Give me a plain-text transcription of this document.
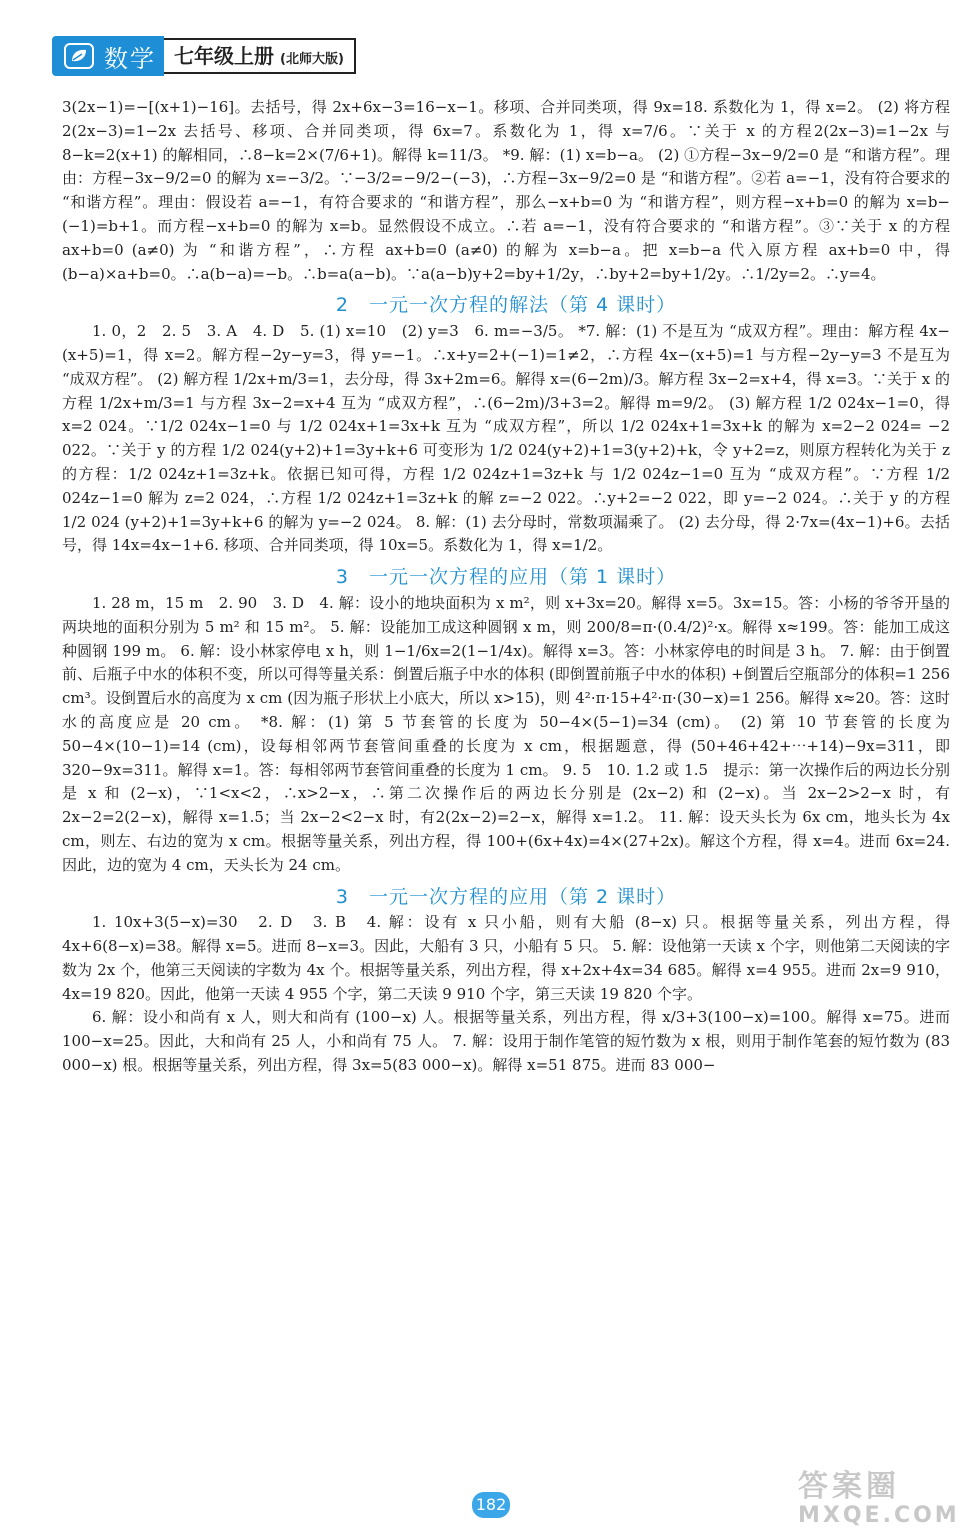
数学 七年级上册 (北师大版)

3(2x−1)=−[(x+1)−16]。去括号，得 2x+6x−3=16−x−1。移项、合并同类项，得 9x=18. 系数化为 1，得 x=2。 (2) 将方程2(2x−3)=1−2x 去括号、移项、合并同类项，得 6x=7。系数化为 1，得 x=7/6。∵关于 x 的方程2(2x−3)=1−2x 与 8−k=2(x+1) 的解相同，∴8−k=2×(7/6+1)。解得 k=11/3。 *9. 解：(1) x=b−a。 (2) ①方程−3x−9/2=0 是 “和谐方程”。理由：方程−3x−9/2=0 的解为 x=−3/2。∵−3/2=−9/2−(−3)，∴方程−3x−9/2=0 是 “和谐方程”。②若 a=−1，没有符合要求的 “和谐方程”。理由：假设若 a=−1，有符合要求的 “和谐方程”，那么−x+b=0 为 “和谐方程”，则方程−x+b=0 的解为 x=b−(−1)=b+1。而方程−x+b=0 的解为 x=b。显然假设不成立。∴若 a=−1，没有符合要求的 “和谐方程”。③∵关于 x 的方程 ax+b=0 (a≠0) 为 “和谐方程”，∴方程 ax+b=0 (a≠0) 的解为 x=b−a。把 x=b−a 代入原方程 ax+b=0 中，得 (b−a)×a+b=0。∴a(b−a)=−b。∴b=a(a−b)。∵a(a−b)y+2=by+1/2y，∴by+2=by+1/2y。∴1/2y=2。∴y=4。

2　一元一次方程的解法（第 4 课时）

1. 0，2　2. 5　3. A　4. D　5. (1) x=10　(2) y=3　6. m=−3/5。 *7. 解：(1) 不是互为 “成双方程”。理由：解方程 4x−(x+5)=1，得 x=2。解方程−2y−y=3，得 y=−1。∴x+y=2+(−1)=1≠2，∴方程 4x−(x+5)=1 与方程−2y−y=3 不是互为 “成双方程”。 (2) 解方程 1/2x+m/3=1，去分母，得 3x+2m=6。解得 x=(6−2m)/3。解方程 3x−2=x+4，得 x=3。∵关于 x 的方程 1/2x+m/3=1 与方程 3x−2=x+4 互为 “成双方程”，∴(6−2m)/3+3=2。解得 m=9/2。 (3) 解方程 1/2 024x−1=0，得 x=2 024。∵1/2 024x−1=0 与 1/2 024x+1=3x+k 互为 “成双方程”，所以 1/2 024x+1=3x+k 的解为 x=2−2 024= −2 022。∵关于 y 的方程 1/2 024(y+2)+1=3y+k+6 可变形为 1/2 024(y+2)+1=3(y+2)+k，令 y+2=z，则原方程转化为关于 z 的方程：1/2 024z+1=3z+k。依据已知可得，方程 1/2 024z+1=3z+k 与 1/2 024z−1=0 互为 “成双方程”。∵方程 1/2 024z−1=0 解为 z=2 024，∴方程 1/2 024z+1=3z+k 的解 z=−2 022。∴y+2=−2 022，即 y=−2 024。∴关于 y 的方程 1/2 024 (y+2)+1=3y+k+6 的解为 y=−2 024。 8. 解：(1) 去分母时，常数项漏乘了。 (2) 去分母，得 2·7x=(4x−1)+6。去括号，得 14x=4x−1+6. 移项、合并同类项，得 10x=5。系数化为 1，得 x=1/2。

3　一元一次方程的应用（第 1 课时）

1. 28 m，15 m　2. 90　3. D　4. 解：设小的地块面积为 x m²，则 x+3x=20。解得 x=5。3x=15。答：小杨的爷爷开垦的两块地的面积分别为 5 m² 和 15 m²。 5. 解：设能加工成这种圆钢 x m，则 200/8=π·(0.4/2)²·x。解得 x≈199。答：能加工成这种圆钢 199 m。 6. 解：设小林家停电 x h，则 1−1/6x=2(1−1/4x)。解得 x=3。答：小林家停电的时间是 3 h。 7. 解：由于倒置前、后瓶子中水的体积不变，所以可得等量关系：倒置后瓶子中水的体积 (即倒置前瓶子中水的体积) +倒置后空瓶部分的体积=1 256 cm³。设倒置后水的高度为 x cm (因为瓶子形状上小底大，所以 x>15)，则 4²·π·15+4²·π·(30−x)=1 256。解得 x≈20。答：这时水的高度应是 20 cm。 *8. 解：(1) 第 5 节套管的长度为 50−4×(5−1)=34 (cm)。 (2) 第 10 节套管的长度为 50−4×(10−1)=14 (cm)，设每相邻两节套管间重叠的长度为 x cm，根据题意，得 (50+46+42+⋯+14)−9x=311，即 320−9x=311。解得 x=1。答：每相邻两节套管间重叠的长度为 1 cm。 9. 5　10. 1.2 或 1.5　提示：第一次操作后的两边长分别是 x 和 (2−x)，∵1<x<2，∴x>2−x，∴第二次操作后的两边长分别是 (2x−2) 和 (2−x)。当 2x−2>2−x 时，有 2x−2=2(2−x)，解得 x=1.5；当 2x−2<2−x 时，有2(2x−2)=2−x，解得 x=1.2。 11. 解：设天头长为 6x cm，地头长为 4x cm，则左、右边的宽为 x cm。根据等量关系，列出方程，得 100+(6x+4x)=4×(27+2x)。解这个方程，得 x=4。进而 6x=24. 因此，边的宽为 4 cm，天头长为 24 cm。

3　一元一次方程的应用（第 2 课时）

1. 10x+3(5−x)=30　2. D　3. B　4. 解：设有 x 只小船，则有大船 (8−x) 只。根据等量关系，列出方程，得 4x+6(8−x)=38。解得 x=5。进而 8−x=3。因此，大船有 3 只，小船有 5 只。 5. 解：设他第一天读 x 个字，则他第二天阅读的字数为 2x 个，他第三天阅读的字数为 4x 个。根据等量关系，列出方程，得 x+2x+4x=34 685。解得 x=4 955。进而 2x=9 910，4x=19 820。因此，他第一天读 4 955 个字，第二天读 9 910 个字，第三天读 19 820 个字。

6. 解：设小和尚有 x 人，则大和尚有 (100−x) 人。根据等量关系，列出方程，得 x/3+3(100−x)=100。解得 x=75。进而 100−x=25。因此，大和尚有 25 人，小和尚有 75 人。 7. 解：设用于制作笔管的短竹数为 x 根，则用于制作笔套的短竹数为 (83 000−x) 根。根据等量关系，列出方程，得 3x=5(83 000−x)。解得 x=51 875。进而 83 000−

182
答案圈
MXQE.COM
